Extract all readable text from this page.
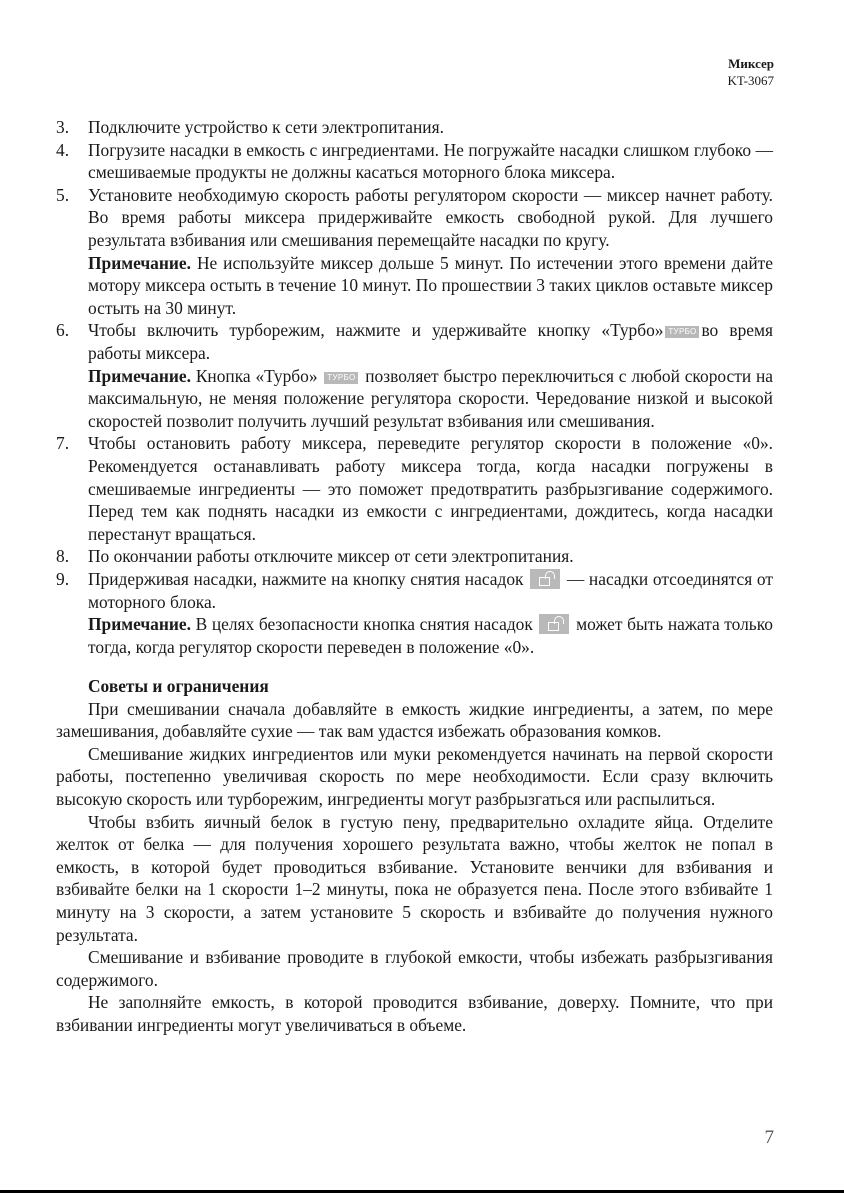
Миксер
KT-3067
3. Подключите устройство к сети электропитания.

4. Погрузите насадки в емкость с ингредиентами. Не погружайте насадки слишком глубоко — смешиваемые продукты не должны касаться моторного блока миксера.

5. Установите необходимую скорость работы регулятором скорости — миксер начнет работу. Во время работы миксера придерживайте емкость свободной рукой. Для лучшего результата взбивания или смешивания перемещайте насадки по кругу.

Примечание. Не используйте миксер дольше 5 минут. По истечении этого времени дайте мотору миксера остыть в течение 10 минут. По прошествии 3 таких циклов оставьте миксер остыть на 30 минут.

6. Чтобы включить турборежим, нажмите и удерживайте кнопку «Турбо» ТУРБО во время работы миксера.

Примечание. Кнопка «Турбо» ТУРБО позволяет быстро переключиться с любой скорости на максимальную, не меняя положение регулятора скорости. Чередование низкой и высокой скоростей позволит получить лучший результат взбивания или смешивания.

7. Чтобы остановить работу миксера, переведите регулятор скорости в положение «0». Рекомендуется останавливать работу миксера тогда, когда насадки погружены в смешиваемые ингредиенты — это поможет предотвратить разбрызгивание содержимого. Перед тем как поднять насадки из емкости с ингредиентами, дождитесь, когда насадки перестанут вращаться.

8. По окончании работы отключите миксер от сети электропитания.

9. Придерживая насадки, нажмите на кнопку снятия насадок — насадки отсоединятся от моторного блока.

Примечание. В целях безопасности кнопка снятия насадок может быть нажата только тогда, когда регулятор скорости переведен в положение «0».

Советы и ограничения

При смешивании сначала добавляйте в емкость жидкие ингредиенты, а затем, по мере замешивания, добавляйте сухие — так вам удастся избежать образования комков.

Смешивание жидких ингредиентов или муки рекомендуется начинать на первой скорости работы, постепенно увеличивая скорость по мере необходимости. Если сразу включить высокую скорость или турборежим, ингредиенты могут разбрызгаться или распылиться.

Чтобы взбить яичный белок в густую пену, предварительно охладите яйца. Отделите желток от белка — для получения хорошего результата важно, чтобы желток не попал в емкость, в которой будет проводиться взбивание. Установите венчики для взбивания и взбивайте белки на 1 скорости 1–2 минуты, пока не образуется пена. После этого взбивайте 1 минуту на 3 скорости, а затем установите 5 скорость и взбивайте до получения нужного результата.

Смешивание и взбивание проводите в глубокой емкости, чтобы избежать разбрызгивания содержимого.

Не заполняйте емкость, в которой проводится взбивание, доверху. Помните, что при взбивании ингредиенты могут увеличиваться в объеме.

7
